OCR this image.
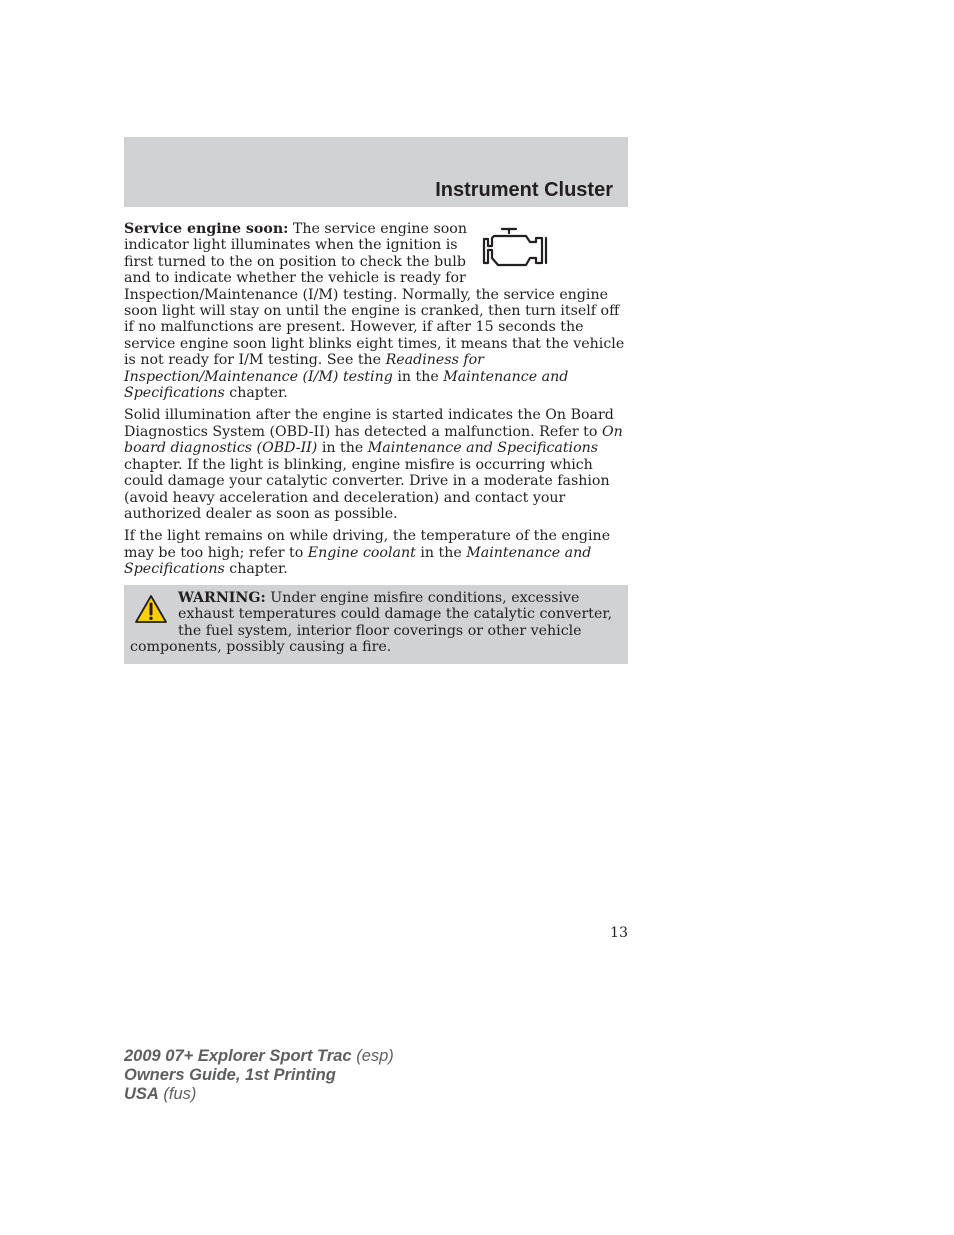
Instrument Cluster

Service engine soon: The service engine soon indicator light illuminates when the ignition is first turned to the on position to check the bulb and to indicate whether the vehicle is ready for Inspection/Maintenance (I/M) testing. Normally, the service engine soon light will stay on until the engine is cranked, then turn itself off if no malfunctions are present. However, if after 15 seconds the service engine soon light blinks eight times, it means that the vehicle is not ready for I/M testing. See the Readiness for Inspection/Maintenance (I/M) testing in the Maintenance and Specifications chapter.

Solid illumination after the engine is started indicates the On Board Diagnostics System (OBD-II) has detected a malfunction. Refer to On board diagnostics (OBD-II) in the Maintenance and Specifications chapter. If the light is blinking, engine misfire is occurring which could damage your catalytic converter. Drive in a moderate fashion (avoid heavy acceleration and deceleration) and contact your authorized dealer as soon as possible.

If the light remains on while driving, the temperature of the engine may be too high; refer to Engine coolant in the Maintenance and Specifications chapter.

WARNING: Under engine misfire conditions, excessive exhaust temperatures could damage the catalytic converter, the fuel system, interior floor coverings or other vehicle components, possibly causing a fire.
13
2009 07+ Explorer Sport Trac (esp)
Owners Guide, 1st Printing
USA (fus)
